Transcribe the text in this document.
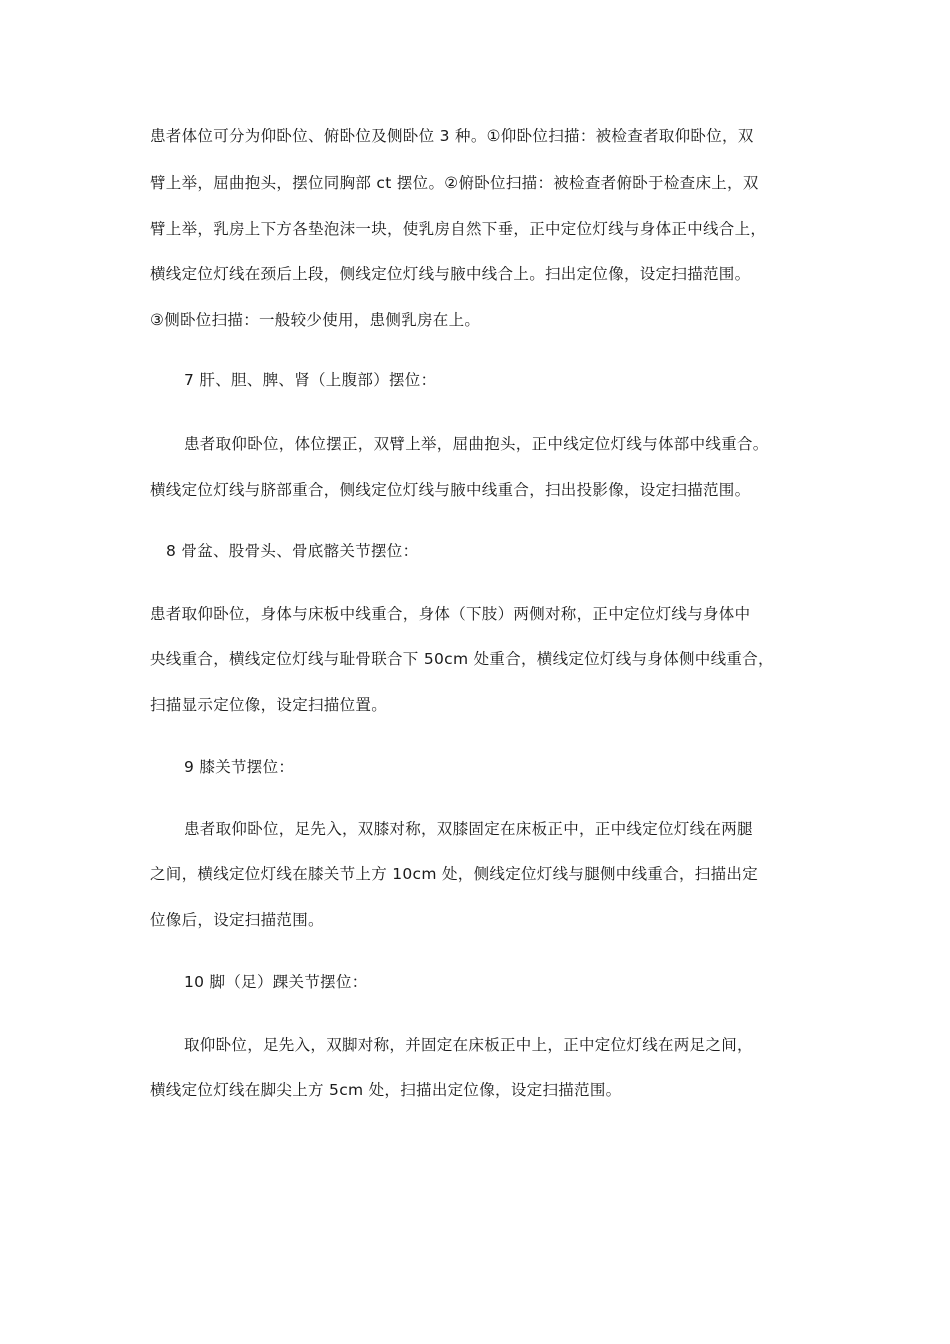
患者体位可分为仰卧位、俯卧位及侧卧位 3 种。①仰卧位扫描：被检查者取仰卧位，双
臂上举，屈曲抱头，摆位同胸部 ct 摆位。②俯卧位扫描：被检查者俯卧于检查床上，双
臂上举，乳房上下方各垫泡沫一块，使乳房自然下垂，正中定位灯线与身体正中线合上，
横线定位灯线在颈后上段，侧线定位灯线与腋中线合上。扫出定位像，设定扫描范围。
③侧卧位扫描：一般较少使用，患侧乳房在上。
7 肝、胆、脾、肾（上腹部）摆位：
患者取仰卧位，体位摆正，双臂上举，屈曲抱头，正中线定位灯线与体部中线重合。
横线定位灯线与脐部重合，侧线定位灯线与腋中线重合，扫出投影像，设定扫描范围。
8 骨盆、股骨头、骨底髂关节摆位：
患者取仰卧位，身体与床板中线重合，身体（下肢）两侧对称，正中定位灯线与身体中
央线重合，横线定位灯线与耻骨联合下 50cm 处重合，横线定位灯线与身体侧中线重合，
扫描显示定位像，设定扫描位置。
9 膝关节摆位：
患者取仰卧位，足先入，双膝对称，双膝固定在床板正中，正中线定位灯线在两腿
之间，横线定位灯线在膝关节上方 10cm 处，侧线定位灯线与腿侧中线重合，扫描出定
位像后，设定扫描范围。
10 脚（足）踝关节摆位：
取仰卧位，足先入，双脚对称，并固定在床板正中上，正中定位灯线在两足之间，
横线定位灯线在脚尖上方 5cm 处，扫描出定位像，设定扫描范围。
